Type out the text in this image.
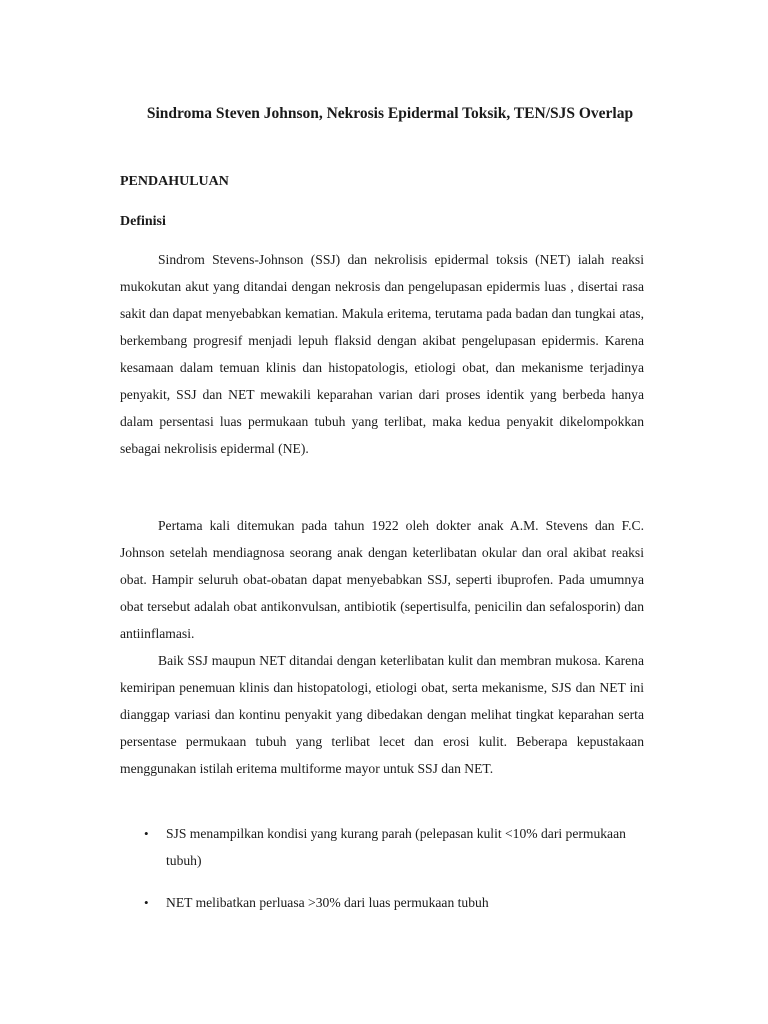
Sindroma Steven Johnson, Nekrosis Epidermal Toksik, TEN/SJS Overlap
PENDAHULUAN
Definisi

Sindrom Stevens-Johnson (SSJ) dan nekrolisis epidermal toksis (NET) ialah reaksi mukokutan akut yang ditandai dengan nekrosis dan pengelupasan epidermis luas , disertai rasa sakit dan dapat menyebabkan kematian. Makula eritema, terutama pada badan dan tungkai atas, berkembang progresif menjadi lepuh flaksid dengan akibat pengelupasan epidermis. Karena kesamaan dalam temuan klinis dan histopatologis, etiologi obat, dan mekanisme terjadinya penyakit, SSJ dan NET mewakili keparahan varian dari proses identik yang berbeda hanya dalam persentasi luas permukaan tubuh yang terlibat, maka kedua penyakit dikelompokkan sebagai nekrolisis epidermal (NE).

Pertama kali ditemukan pada tahun 1922 oleh dokter anak A.M. Stevens dan F.C. Johnson setelah mendiagnosa seorang anak dengan keterlibatan okular dan oral akibat reaksi obat. Hampir seluruh obat-obatan dapat menyebabkan SSJ, seperti ibuprofen. Pada umumnya obat tersebut adalah obat antikonvulsan, antibiotik (sepertisulfa, penicilin dan sefalosporin) dan antiinflamasi.

Baik SSJ maupun NET ditandai dengan keterlibatan kulit dan membran mukosa. Karena kemiripan penemuan klinis dan histopatologi, etiologi obat, serta mekanisme, SJS dan NET ini dianggap variasi dan kontinu penyakit yang dibedakan dengan melihat tingkat keparahan serta persentase permukaan tubuh yang terlibat lecet dan erosi kulit. Beberapa kepustakaan menggunakan istilah eritema multiforme mayor untuk SSJ dan NET.

• SJS menampilkan kondisi yang kurang parah (pelepasan kulit <10% dari permukaan tubuh)
• NET melibatkan perluasa >30% dari luas permukaan tubuh
